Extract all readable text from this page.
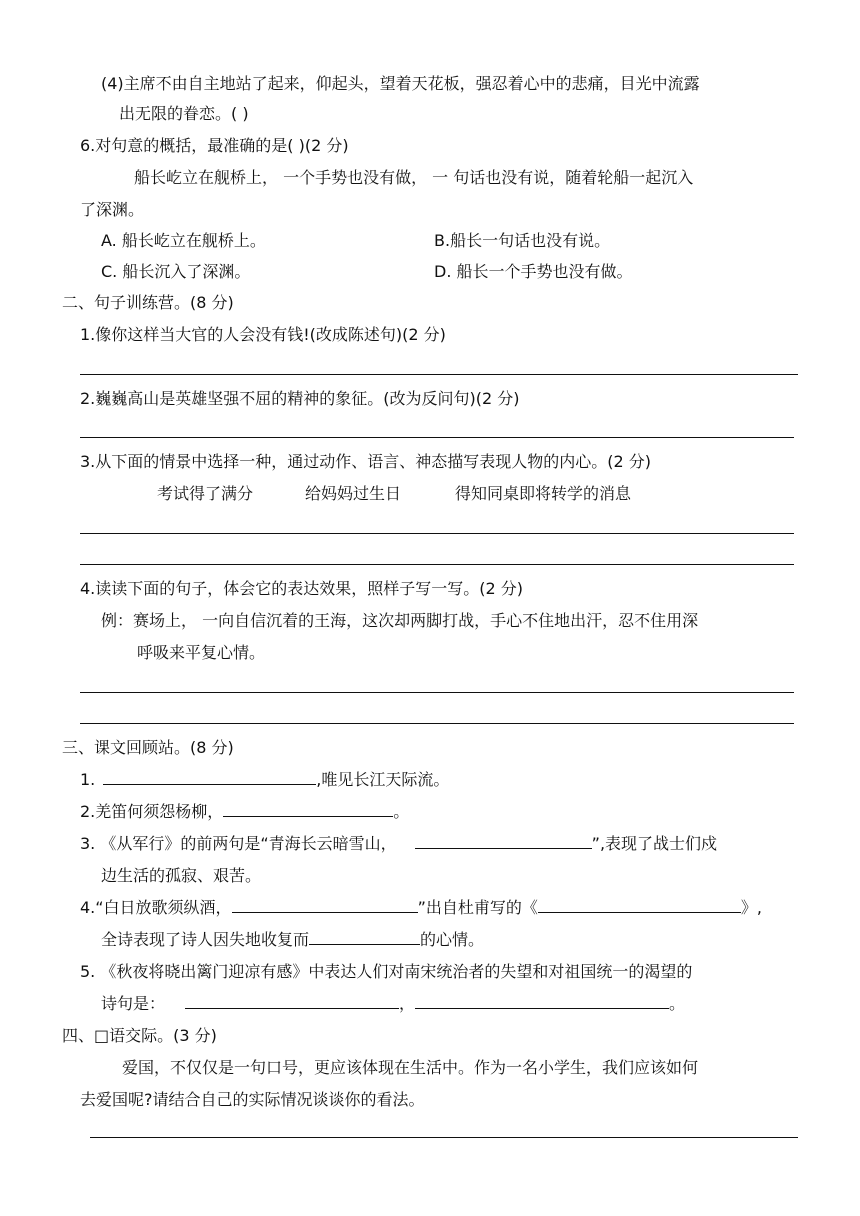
(4)主席不由自主地站了起来，仰起头，望着天花板，强忍着心中的悲痛，目光中流露
出无限的眷恋。( )
6.对句意的概括，最准确的是( )(2 分)
船长屹立在舰桥上， 一个手势也没有做， 一 句话也没有说，随着轮船一起沉入
了深渊。
A. 船长屹立在舰桥上。	B.船长一句话也没有说。
C. 船长沉入了深渊。	D. 船长一个手势也没有做。
二、句子训练营。(8 分)
1.像你这样当大官的人会没有钱!(改成陈述句)(2 分)
2.巍巍高山是英雄坚强不屈的精神的象征。(改为反问句)(2 分)
3.从下面的情景中选择一种，通过动作、语言、神态描写表现人物的内心。(2 分)
考试得了满分	给妈妈过生日	得知同桌即将转学的消息
4.读读下面的句子，体会它的表达效果，照样子写一写。(2 分)
例：赛场上， 一向自信沉着的王海，这次却两脚打战，手心不住地出汗，忍不住用深
呼吸来平复心情。
三、课文回顾站。(8 分)
1.	,唯见长江天际流。
2.羌笛何须怨杨柳，	。
3. 《从军行》的前两句是“青海长云暗雪山，	”,表现了战士们戍
边生活的孤寂、艰苦。
4.“白日放歌须纵酒，	”出自杜甫写的《	》,
全诗表现了诗人因失地收复而	的心情。
5. 《秋夜将晓出篱门迎凉有感》中表达人们对南宋统治者的失望和对祖国统一的渴望的
诗句是：	，	。
四、□语交际。(3 分)
爱国，不仅仅是一句口号，更应该体现在生活中。作为一名小学生，我们应该如何
去爱国呢?请结合自己的实际情况谈谈你的看法。
